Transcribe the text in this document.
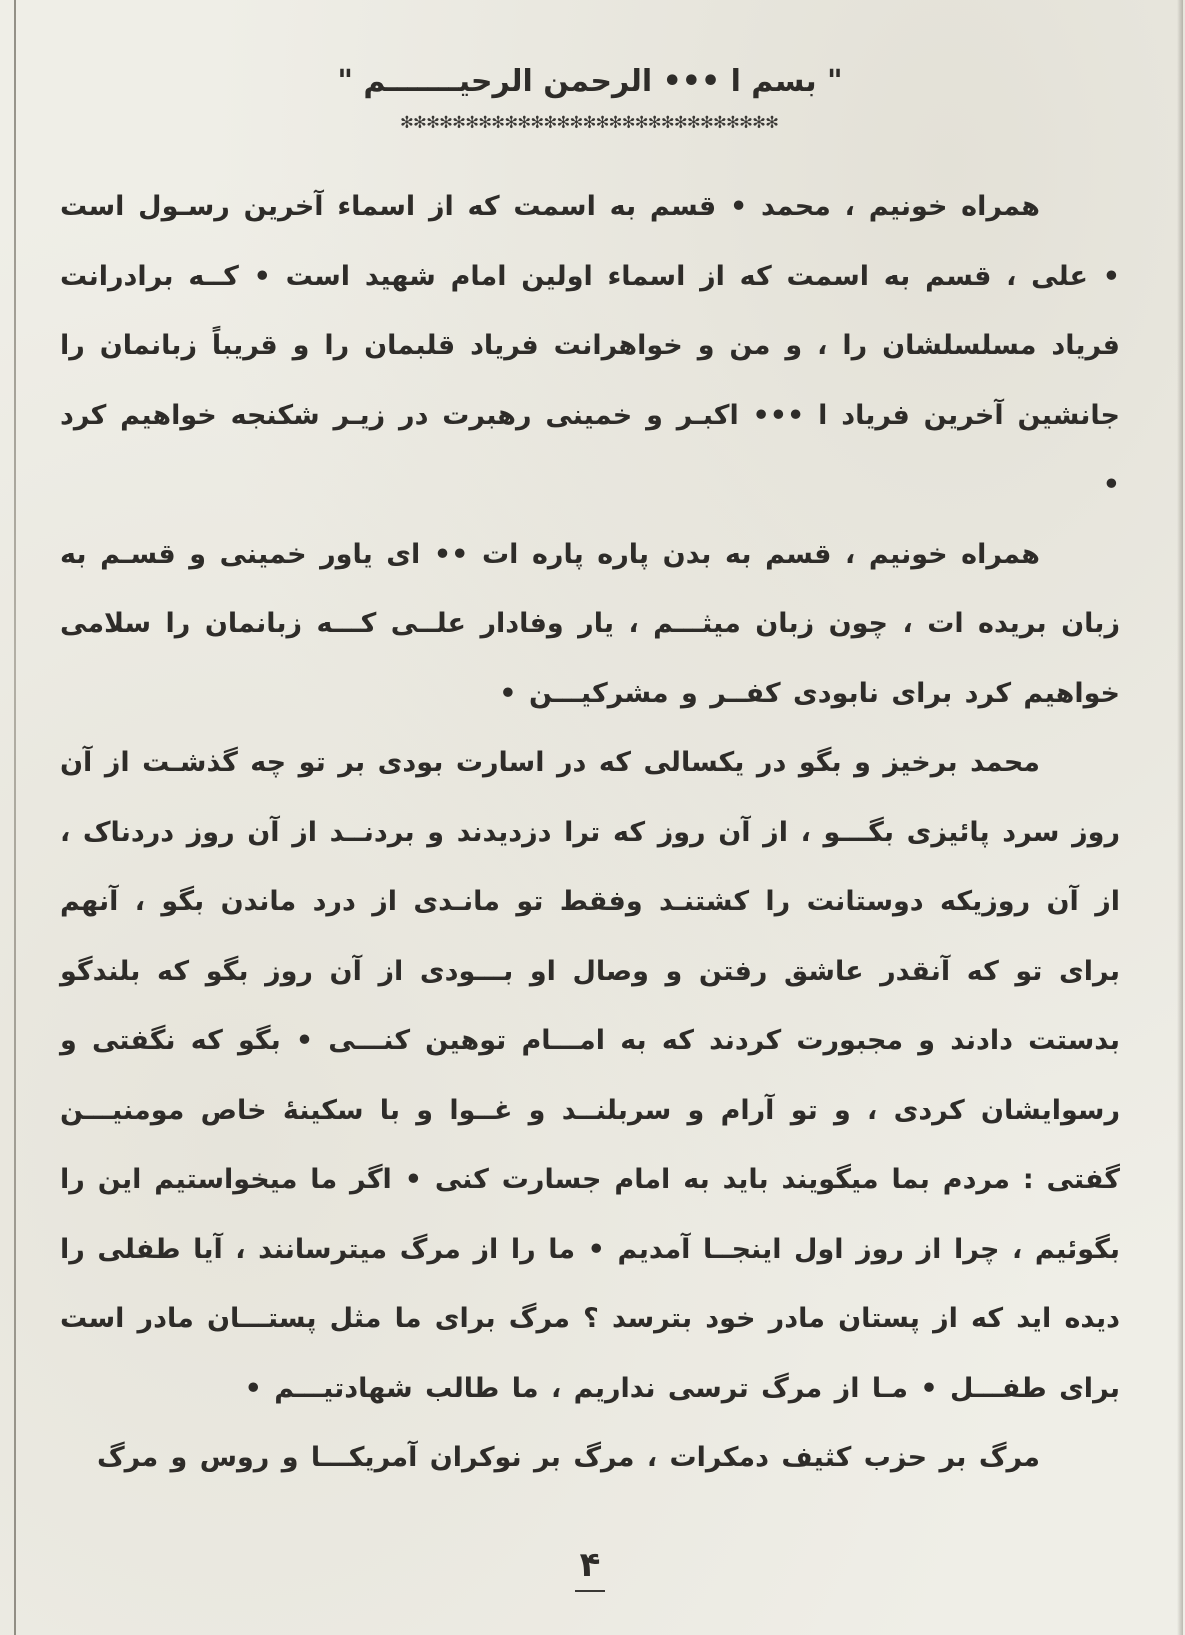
" بسم ا ••• الرحمن الرحیـــــــم "
✻✻✻✻✻✻✻✻✻✻✻✻✻✻✻✻✻✻✻✻✻✻✻✻✻✻✻✻✻

همراه خونیم ، محمد • قسم به اسمت که از اسماء آخرین رسـول است • علی ، قسم به اسمت که از اسماء اولین امام شهید است • کــه برادرانت فریاد مسلسلشان را ، و من و خواهرانت فریاد قلبمان را و قریباً زبانمان را جانشین آخرین فریاد ا ••• اکبـر و خمینی رهبرت در زیـر شکنجه خواهیم کرد •

همراه خونیم ، قسم به بدن پاره پاره ات •• ای یاور خمینی و قسـم به زبان بریده ات ، چون زبان میثـــم ، یار وفادار علــی کـــه زبانمان را سلامی خواهیم کرد برای نابودی کفــر و مشرکیـــن •

محمد برخیز و بگو در یکسالی که در اسارت بودی بر تو چه گذشـت از آن روز سرد پائیزی بگـــو ، از آن روز که ترا دزدیدند و بردنــد از آن روز دردناک ، از آن روزیکه دوستانت را کشتنـد وفقط تو مانـدی از درد ماندن بگو ، آنهم برای تو که آنقدر عاشق رفتن و وصال او بـــودی از آن روز بگو که بلندگو بدستت دادند و مجبورت کردند که به امـــام توهین کنـــی • بگو که نگفتی و رسوایشان کردی ، و تو آرام و سربلنــد و غــوا و با سکینهٔ خاص مومنیـــن گفتی : مردم بما میگویند باید به امام جسارت کنی • اگر ما میخواستیم این را بگوئیم ، چرا از روز اول اینجــا آمدیم • ما را از مرگ میترسانند ، آیا طفلی را دیده اید که از پستان مادر خود بترسد ؟ مرگ برای ما مثل پستـــان مادر است برای طفـــل • مـا از مرگ ترسی نداریم ، ما طالب شهادتیـــم •

مرگ بر حزب کثیف دمکرات ، مرگ بر نوکران آمریکـــا و روس و مرگ

۴
